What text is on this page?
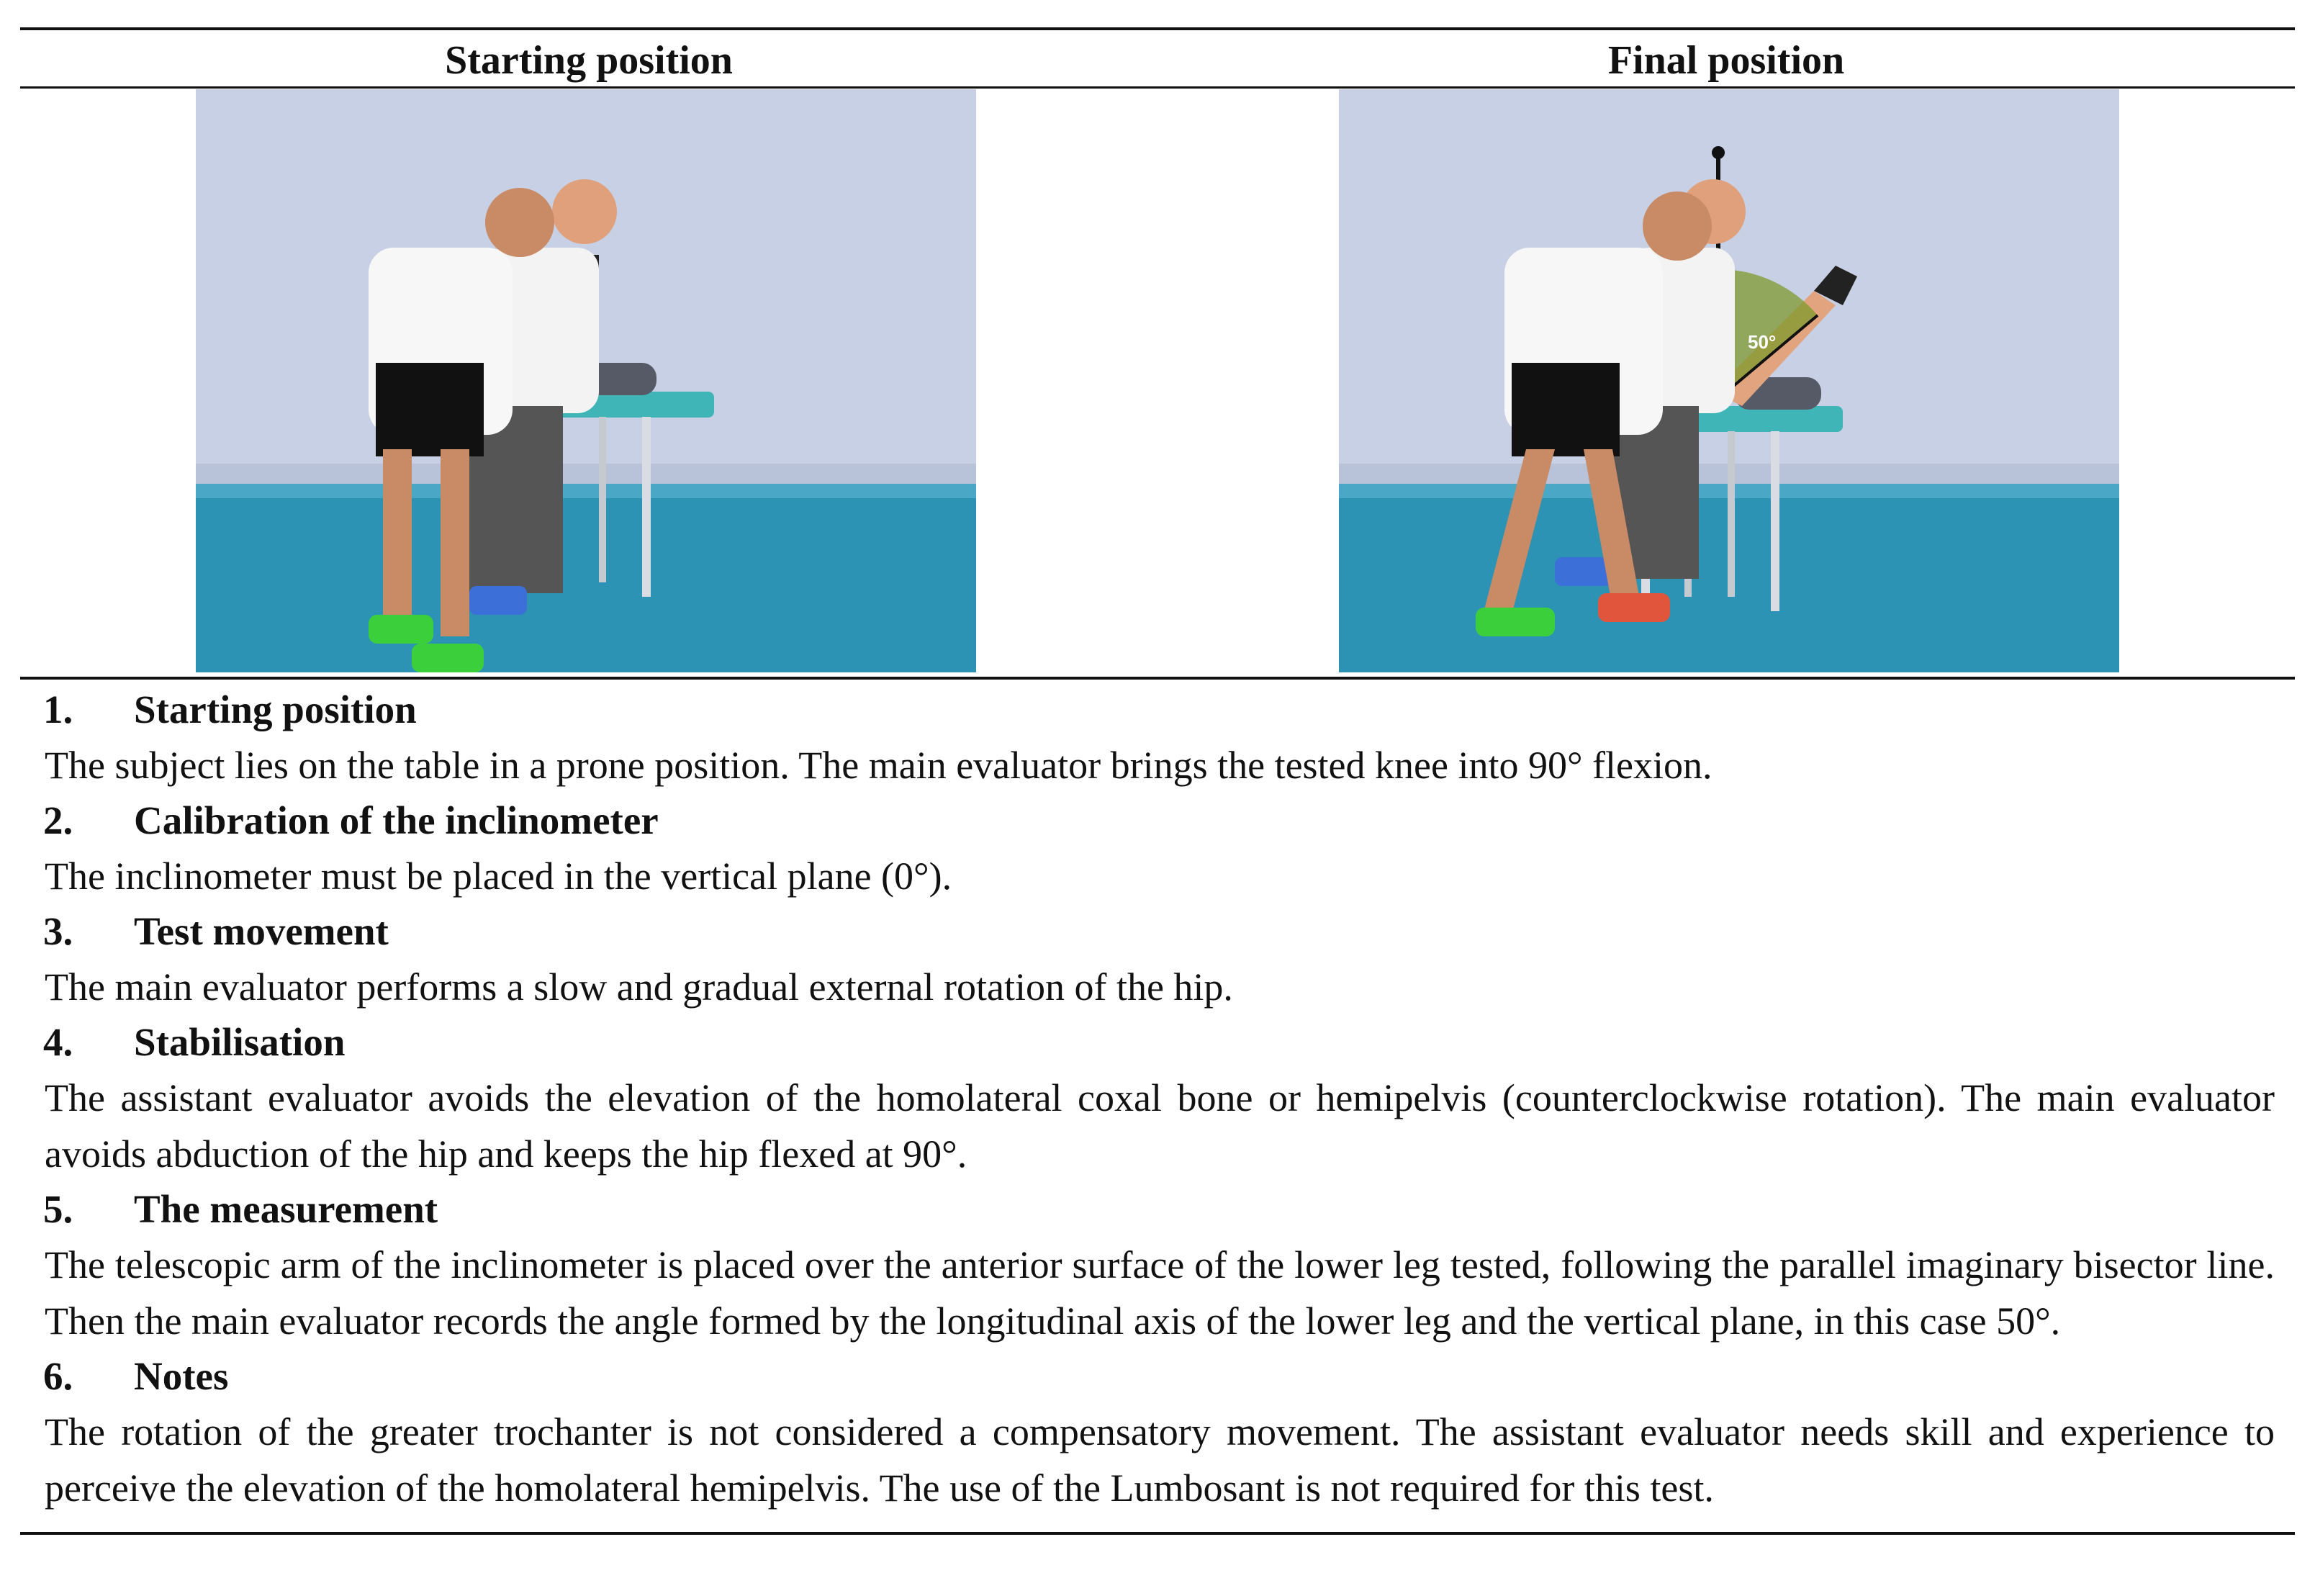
Starting position	Final position
50°
1. Starting position
The subject lies on the table in a prone position. The main evaluator brings the tested knee into 90° flexion.
2. Calibration of the inclinometer
The inclinometer must be placed in the vertical plane (0°).
3. Test movement
The main evaluator performs a slow and gradual external rotation of the hip.
4. Stabilisation
The assistant evaluator avoids the elevation of the homolateral coxal bone or hemipelvis (counterclockwise rotation). The main evaluator avoids abduction of the hip and keeps the hip flexed at 90°.
5. The measurement
The telescopic arm of the inclinometer is placed over the anterior surface of the lower leg tested, following the parallel imaginary bisector line. Then the main evaluator records the angle formed by the longitudinal axis of the lower leg and the vertical plane, in this case 50°.
6. Notes
The rotation of the greater trochanter is not considered a compensatory movement. The assistant evaluator needs skill and experience to perceive the elevation of the homolateral hemipelvis. The use of the Lumbosant is not required for this test.
